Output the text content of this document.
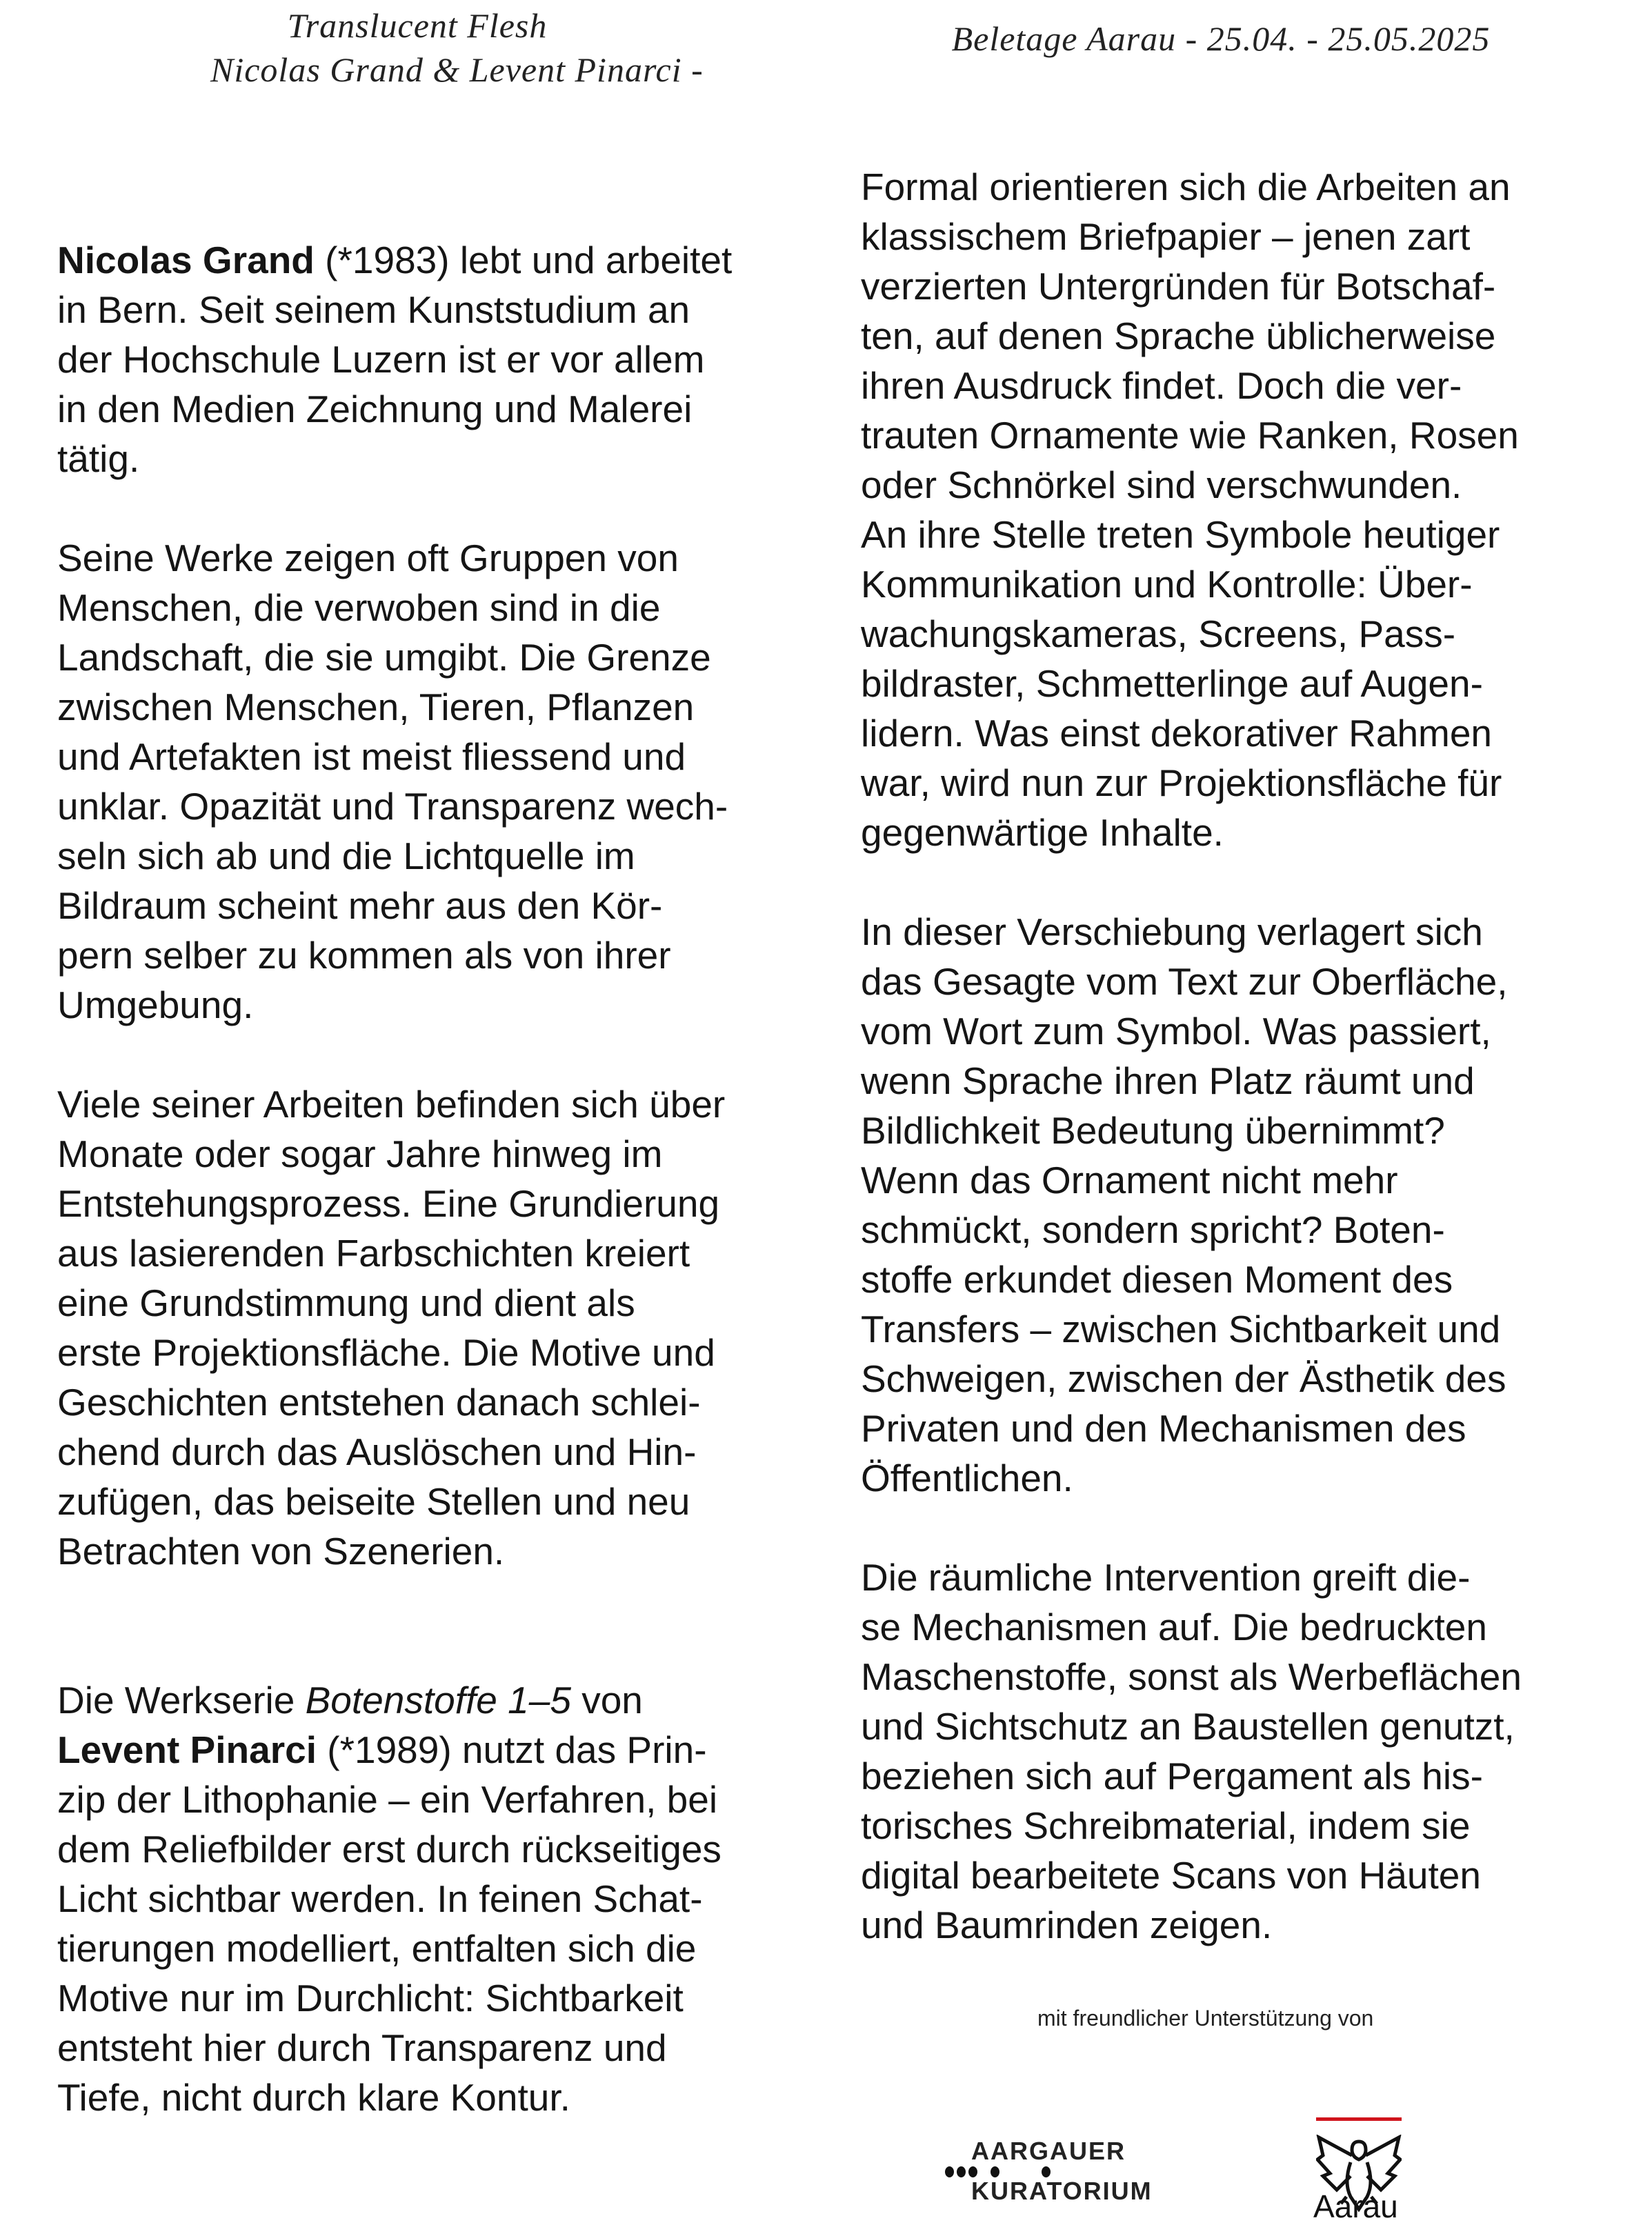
Translucent Flesh
Nicolas Grand & Levent Pinarci -
Beletage Aarau - 25.04. - 25.05.2025
Nicolas Grand (*1983) lebt und arbeitet
in Bern. Seit seinem Kunststudium an
der Hochschule Luzern ist er vor allem
in den Medien Zeichnung und Malerei
tätig.
Seine Werke zeigen oft Gruppen von
Menschen, die verwoben sind in die
Landschaft, die sie umgibt. Die Grenze
zwischen Menschen, Tieren, Pflanzen
und Artefakten ist meist fliessend und
unklar. Opazität und Transparenz wech-
seln sich ab und die Lichtquelle im
Bildraum scheint mehr aus den Kör-
pern selber zu kommen als von ihrer
Umgebung.
Viele seiner Arbeiten befinden sich über
Monate oder sogar Jahre hinweg im
Entstehungsprozess. Eine Grundierung
aus lasierenden Farbschichten kreiert
eine Grundstimmung und dient als
erste Projektionsfläche. Die Motive und
Geschichten entstehen danach schlei-
chend durch das Auslöschen und Hin-
zufügen, das beiseite Stellen und neu
Betrachten von Szenerien.
Die Werkserie Botenstoffe 1–5 von
Levent Pinarci (*1989) nutzt das Prin-
zip der Lithophanie – ein Verfahren, bei
dem Reliefbilder erst durch rückseitiges
Licht sichtbar werden. In feinen Schat-
tierungen modelliert, entfalten sich die
Motive nur im Durchlicht: Sichtbarkeit
entsteht hier durch Transparenz und
Tiefe, nicht durch klare Kontur.
Formal orientieren sich die Arbeiten an
klassischem Briefpapier – jenen zart
verzierten Untergründen für Botschaf-
ten, auf denen Sprache üblicherweise
ihren Ausdruck findet. Doch die ver-
trauten Ornamente wie Ranken, Rosen
oder Schnörkel sind verschwunden.
An ihre Stelle treten Symbole heutiger
Kommunikation und Kontrolle: Über-
wachungskameras, Screens, Pass-
bildraster, Schmetterlinge auf Augen-
lidern. Was einst dekorativer Rahmen
war, wird nun zur Projektionsfläche für
gegenwärtige Inhalte.
In dieser Verschiebung verlagert sich
das Gesagte vom Text zur Oberfläche,
vom Wort zum Symbol. Was passiert,
wenn Sprache ihren Platz räumt und
Bildlichkeit Bedeutung übernimmt?
Wenn das Ornament nicht mehr
schmückt, sondern spricht? Boten-
stoffe erkundet diesen Moment des
Transfers – zwischen Sichtbarkeit und
Schweigen, zwischen der Ästhetik des
Privaten und den Mechanismen des
Öffentlichen.
Die räumliche Intervention greift die-
se Mechanismen auf. Die bedruckten
Maschenstoffe, sonst als Werbeflächen
und Sichtschutz an Baustellen genutzt,
beziehen sich auf Pergament als his-
torisches Schreibmaterial, indem sie
digital bearbeitete Scans von Häuten
und Baumrinden zeigen.
mit freundlicher Unterstützung von
AARGAUER
KURATORIUM	Aarau
